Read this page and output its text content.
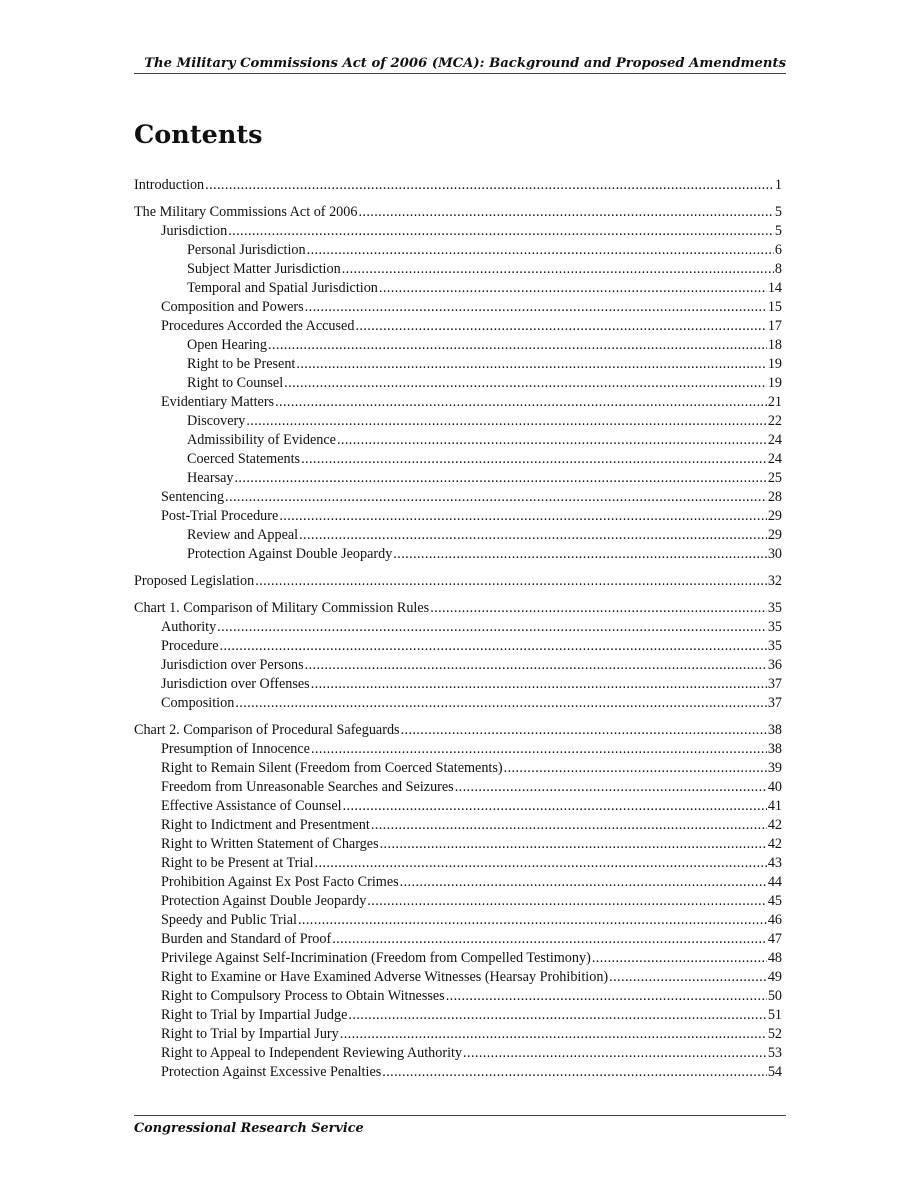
The Military Commissions Act of 2006 (MCA): Background and Proposed Amendments
Contents
Introduction .....	1
The Military Commissions Act of 2006 .....	5
Jurisdiction .....	5
Personal Jurisdiction .....	6
Subject Matter Jurisdiction .....	8
Temporal and Spatial Jurisdiction .....	14
Composition and Powers .....	15
Procedures Accorded the Accused .....	17
Open Hearing .....	18
Right to be Present .....	19
Right to Counsel .....	19
Evidentiary Matters .....	21
Discovery .....	22
Admissibility of Evidence .....	24
Coerced Statements .....	24
Hearsay .....	25
Sentencing .....	28
Post-Trial Procedure .....	29
Review and Appeal .....	29
Protection Against Double Jeopardy .....	30
Proposed Legislation .....	32
Chart 1. Comparison of Military Commission Rules .....	35
Authority .....	35
Procedure .....	35
Jurisdiction over Persons .....	36
Jurisdiction over Offenses .....	37
Composition .....	37
Chart 2. Comparison of Procedural Safeguards .....	38
Presumption of Innocence .....	38
Right to Remain Silent (Freedom from Coerced Statements) .....	39
Freedom from Unreasonable Searches and Seizures .....	40
Effective Assistance of Counsel .....	41
Right to Indictment and Presentment .....	42
Right to Written Statement of Charges .....	42
Right to be Present at Trial .....	43
Prohibition Against Ex Post Facto Crimes .....	44
Protection Against Double Jeopardy .....	45
Speedy and Public Trial .....	46
Burden and Standard of Proof .....	47
Privilege Against Self-Incrimination (Freedom from Compelled Testimony) .....	48
Right to Examine or Have Examined Adverse Witnesses (Hearsay Prohibition) .....	49
Right to Compulsory Process to Obtain Witnesses .....	50
Right to Trial by Impartial Judge .....	51
Right to Trial by Impartial Jury .....	52
Right to Appeal to Independent Reviewing Authority .....	53
Protection Against Excessive Penalties .....	54
Congressional Research Service
